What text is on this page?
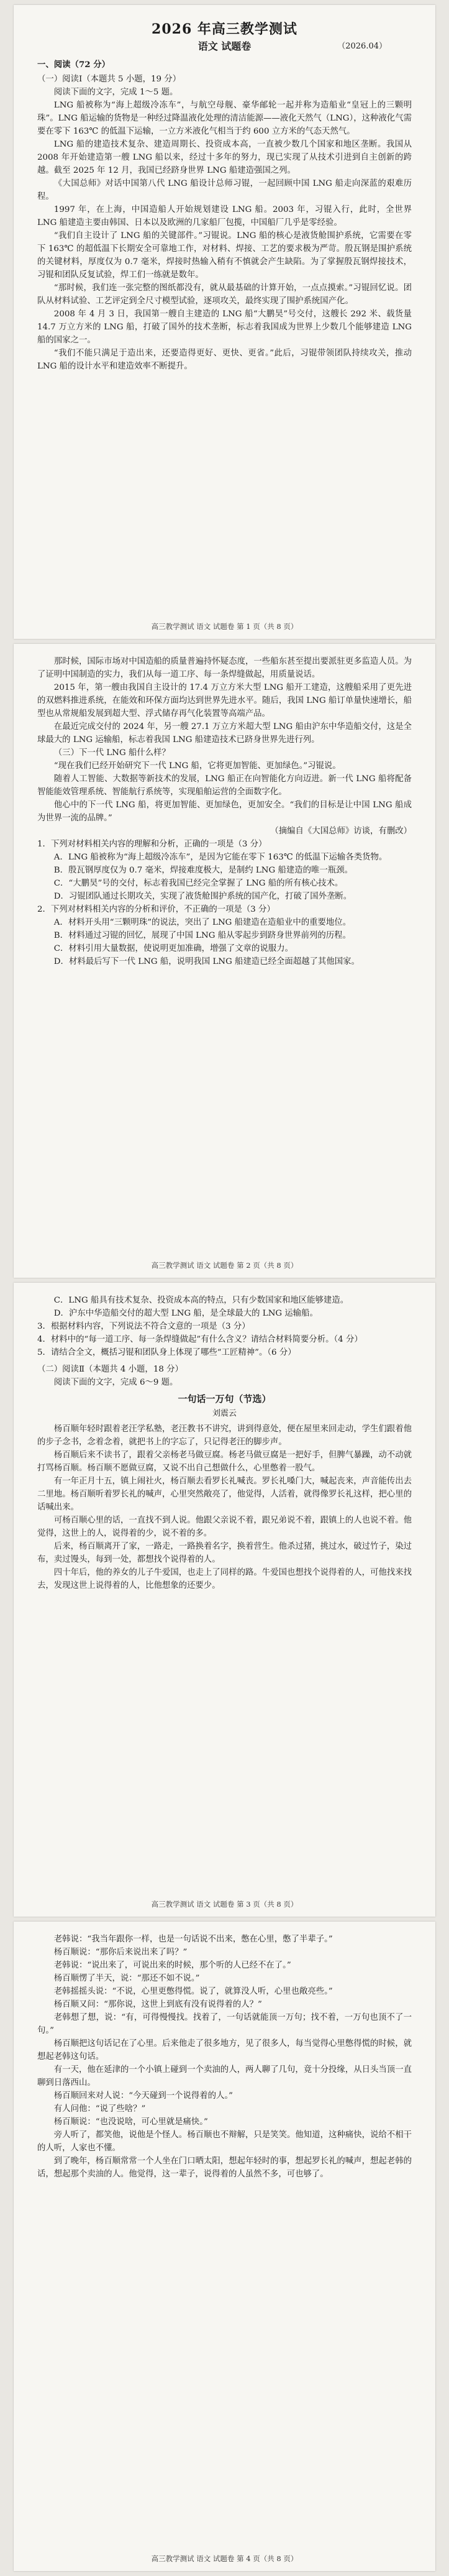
2026 年高三教学测试
语文 试题卷	（2026.04）
一、阅读（72 分）
（一）阅读Ⅰ（本题共 5 小题，19 分）
阅读下面的文字，完成 1～5 题。
LNG 船被称为“海上超级冷冻车”，与航空母舰、豪华邮轮一起并称为造船业“皇冠上的三颗明珠”。LNG 船运输的货物是一种经过降温液化处理的清洁能源——液化天然气（LNG），这种液化气需要在零下 163℃ 的低温下运输，一立方米液化气相当于约 600 立方米的气态天然气。
LNG 船的建造技术复杂、建造周期长、投资成本高，一直被少数几个国家和地区垄断。我国从 2008 年开始建造第一艘 LNG 船以来，经过十多年的努力，现已实现了从技术引进到自主创新的跨越。截至 2025 年 12 月，我国已经跻身世界 LNG 船建造强国之列。
《大国总师》对话中国第八代 LNG 船设计总师习锟，一起回顾中国 LNG 船走向深蓝的艰难历程。
1997 年，在上海，中国造船人开始规划建设 LNG 船。2003 年，习锟入行，此时，全世界 LNG 船建造主要由韩国、日本以及欧洲的几家船厂包揽，中国船厂几乎是零经验。
“我们自主设计了 LNG 船的关键部件。”习锟说。LNG 船的核心是液货舱围护系统，它需要在零下 163℃ 的超低温下长期安全可靠地工作，对材料、焊接、工艺的要求极为严苛。殷瓦钢是围护系统的关键材料，厚度仅为 0.7 毫米，焊接时热输入稍有不慎就会产生缺陷。为了掌握殷瓦钢焊接技术，习锟和团队反复试验，焊工们一练就是数年。
“那时候，我们连一张完整的图纸都没有，就从最基础的计算开始，一点点摸索。”习锟回忆说。团队从材料试验、工艺评定到全尺寸模型试验，逐项攻关，最终实现了围护系统国产化。
2008 年 4 月 3 日，我国第一艘自主建造的 LNG 船“大鹏昊”号交付，这艘长 292 米、载货量 14.7 万立方米的 LNG 船，打破了国外的技术垄断，标志着我国成为世界上少数几个能够建造 LNG 船的国家之一。
“我们不能只满足于造出来，还要造得更好、更快、更省。”此后，习锟带领团队持续攻关，推动 LNG 船的设计水平和建造效率不断提升。
高三教学测试 语文 试题卷 第 1 页（共 8 页）
那时候，国际市场对中国造船的质量普遍持怀疑态度，一些船东甚至提出要派驻更多监造人员。为了证明中国制造的实力，我们从每一道工序、每一条焊缝做起，用质量说话。
2015 年，第一艘由我国自主设计的 17.4 万立方米大型 LNG 船开工建造，这艘船采用了更先进的双燃料推进系统，在能效和环保方面均达到世界先进水平。随后，我国 LNG 船订单量快速增长，船型也从常规船发展到超大型、浮式储存再气化装置等高端产品。
在最近完成交付的 2024 年，另一艘 27.1 万立方米超大型 LNG 船由沪东中华造船交付，这是全球最大的 LNG 运输船，标志着我国 LNG 船建造技术已跻身世界先进行列。
（三）下一代 LNG 船什么样？
“现在我们已经开始研究下一代 LNG 船，它将更加智能、更加绿色。”习锟说。
随着人工智能、大数据等新技术的发展，LNG 船正在向智能化方向迈进。新一代 LNG 船将配备智能能效管理系统、智能航行系统等，实现船舶运营的全面数字化。
他心中的下一代 LNG 船，将更加智能、更加绿色，更加安全。“我们的目标是让中国 LNG 船成为世界一流的品牌。”
（摘编自《大国总师》访谈，有删改）
1．下列对材料相关内容的理解和分析，正确的一项是（3 分）
A．LNG 船被称为“海上超级冷冻车”，是因为它能在零下 163℃ 的低温下运输各类货物。
B．殷瓦钢厚度仅为 0.7 毫米，焊接难度极大，是制约 LNG 船建造的唯一瓶颈。
C．“大鹏昊”号的交付，标志着我国已经完全掌握了 LNG 船的所有核心技术。
D．习锟团队通过长期攻关，实现了液货舱围护系统的国产化，打破了国外垄断。
2．下列对材料相关内容的分析和评价，不正确的一项是（3 分）
A．材料开头用“三颗明珠”的说法，突出了 LNG 船建造在造船业中的重要地位。
B．材料通过习锟的回忆，展现了中国 LNG 船从零起步到跻身世界前列的历程。
C．材料引用大量数据，使说明更加准确，增强了文章的说服力。
D．材料最后写下一代 LNG 船，说明我国 LNG 船建造已经全面超越了其他国家。
高三教学测试 语文 试题卷 第 2 页（共 8 页）
C．LNG 船具有技术复杂、投资成本高的特点，只有少数国家和地区能够建造。
D．沪东中华造船交付的超大型 LNG 船，是全球最大的 LNG 运输船。
3．根据材料内容，下列说法不符合文意的一项是（3 分）
4．材料中的“每一道工序、每一条焊缝做起”有什么含义？请结合材料简要分析。（4 分）
5．请结合全文，概括习锟和团队身上体现了哪些“工匠精神”。（6 分）
（二）阅读Ⅱ（本题共 4 小题，18 分）
阅读下面的文字，完成 6～9 题。
一句话一万句（节选）
刘震云
杨百顺年轻时跟着老汪学私塾，老汪教书不讲究，讲到得意处，便在屋里来回走动，学生们跟着他的步子念书，念着念着，就把书上的字忘了，只记得老汪的脚步声。
杨百顺后来不读书了，跟着父亲杨老马做豆腐。杨老马做豆腐是一把好手，但脾气暴躁，动不动就打骂杨百顺。杨百顺不愿做豆腐，又说不出自己想做什么，心里憋着一股气。
有一年正月十五，镇上闹社火，杨百顺去看罗长礼喊丧。罗长礼嗓门大，喊起丧来，声音能传出去二里地。杨百顺听着罗长礼的喊声，心里突然敞亮了，他觉得，人活着，就得像罗长礼这样，把心里的话喊出来。
可杨百顺心里的话，一直找不到人说。他跟父亲说不着，跟兄弟说不着，跟镇上的人也说不着。他觉得，这世上的人，说得着的少，说不着的多。
后来，杨百顺离开了家，一路走，一路换着名字，换着营生。他杀过猪，挑过水，破过竹子，染过布，卖过馒头，每到一处，都想找个说得着的人。
四十年后，他的养女的儿子牛爱国，也走上了同样的路。牛爱国也想找个说得着的人，可他找来找去，发现这世上说得着的人，比他想象的还要少。
高三教学测试 语文 试题卷 第 3 页（共 8 页）
老韩说：“我当年跟你一样，也是一句话说不出来，憋在心里，憋了半辈子。”
杨百顺说：“那你后来说出来了吗？”
老韩说：“说出来了，可说出来的时候，那个听的人已经不在了。”
杨百顺愣了半天，说：“那还不如不说。”
老韩摇摇头说：“不说，心里更憋得慌。说了，就算没人听，心里也敞亮些。”
杨百顺又问：“那你说，这世上到底有没有说得着的人？”
老韩想了想，说：“有，可得慢慢找。找着了，一句话就能顶一万句；找不着，一万句也顶不了一句。”
杨百顺把这句话记在了心里。后来他走了很多地方，见了很多人，每当觉得心里憋得慌的时候，就想起老韩这句话。
有一天，他在延津的一个小镇上碰到一个卖油的人，两人聊了几句，竟十分投缘，从日头当顶一直聊到日落西山。
杨百顺回来对人说：“今天碰到一个说得着的人。”
有人问他：“说了些啥？”
杨百顺说：“也没说啥，可心里就是痛快。”
旁人听了，都笑他，说他是个怪人。杨百顺也不辩解，只是笑笑。他知道，这种痛快，说给不相干的人听，人家也不懂。
到了晚年，杨百顺常常一个人坐在门口晒太阳，想起年轻时的事，想起罗长礼的喊声，想起老韩的话，想起那个卖油的人。他觉得，这一辈子，说得着的人虽然不多，可也够了。
高三教学测试 语文 试题卷 第 4 页（共 8 页）
